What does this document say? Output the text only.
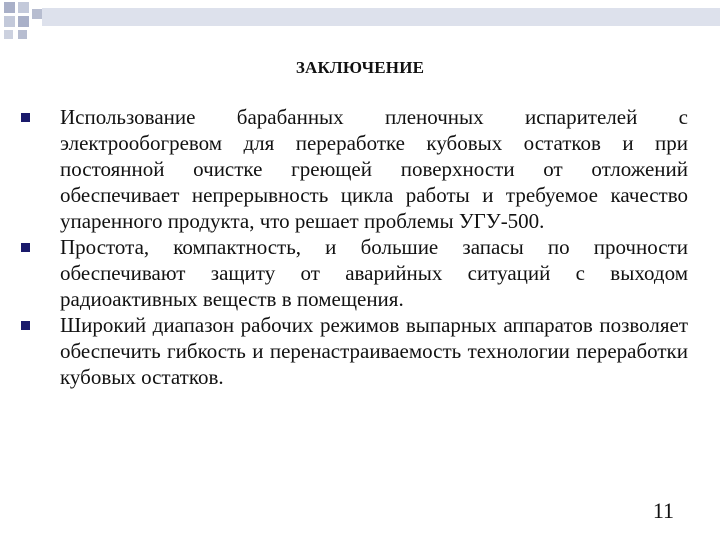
ЗАКЛЮЧЕНИЕ
Использование барабанных пленочных испарителей с электрообогревом для переработке кубовых остатков и при постоянной очистке греющей поверхности от отложений обеспечивает непрерывность цикла работы и требуемое качество упаренного продукта, что решает проблемы УГУ-500.
Простота, компактность, и большие запасы по прочности обеспечивают защиту от аварийных ситуаций с выходом радиоактивных веществ в помещения.
Широкий диапазон рабочих режимов выпарных аппаратов позволяет обеспечить гибкость и перенастраиваемость технологии переработки кубовых остатков.

11
